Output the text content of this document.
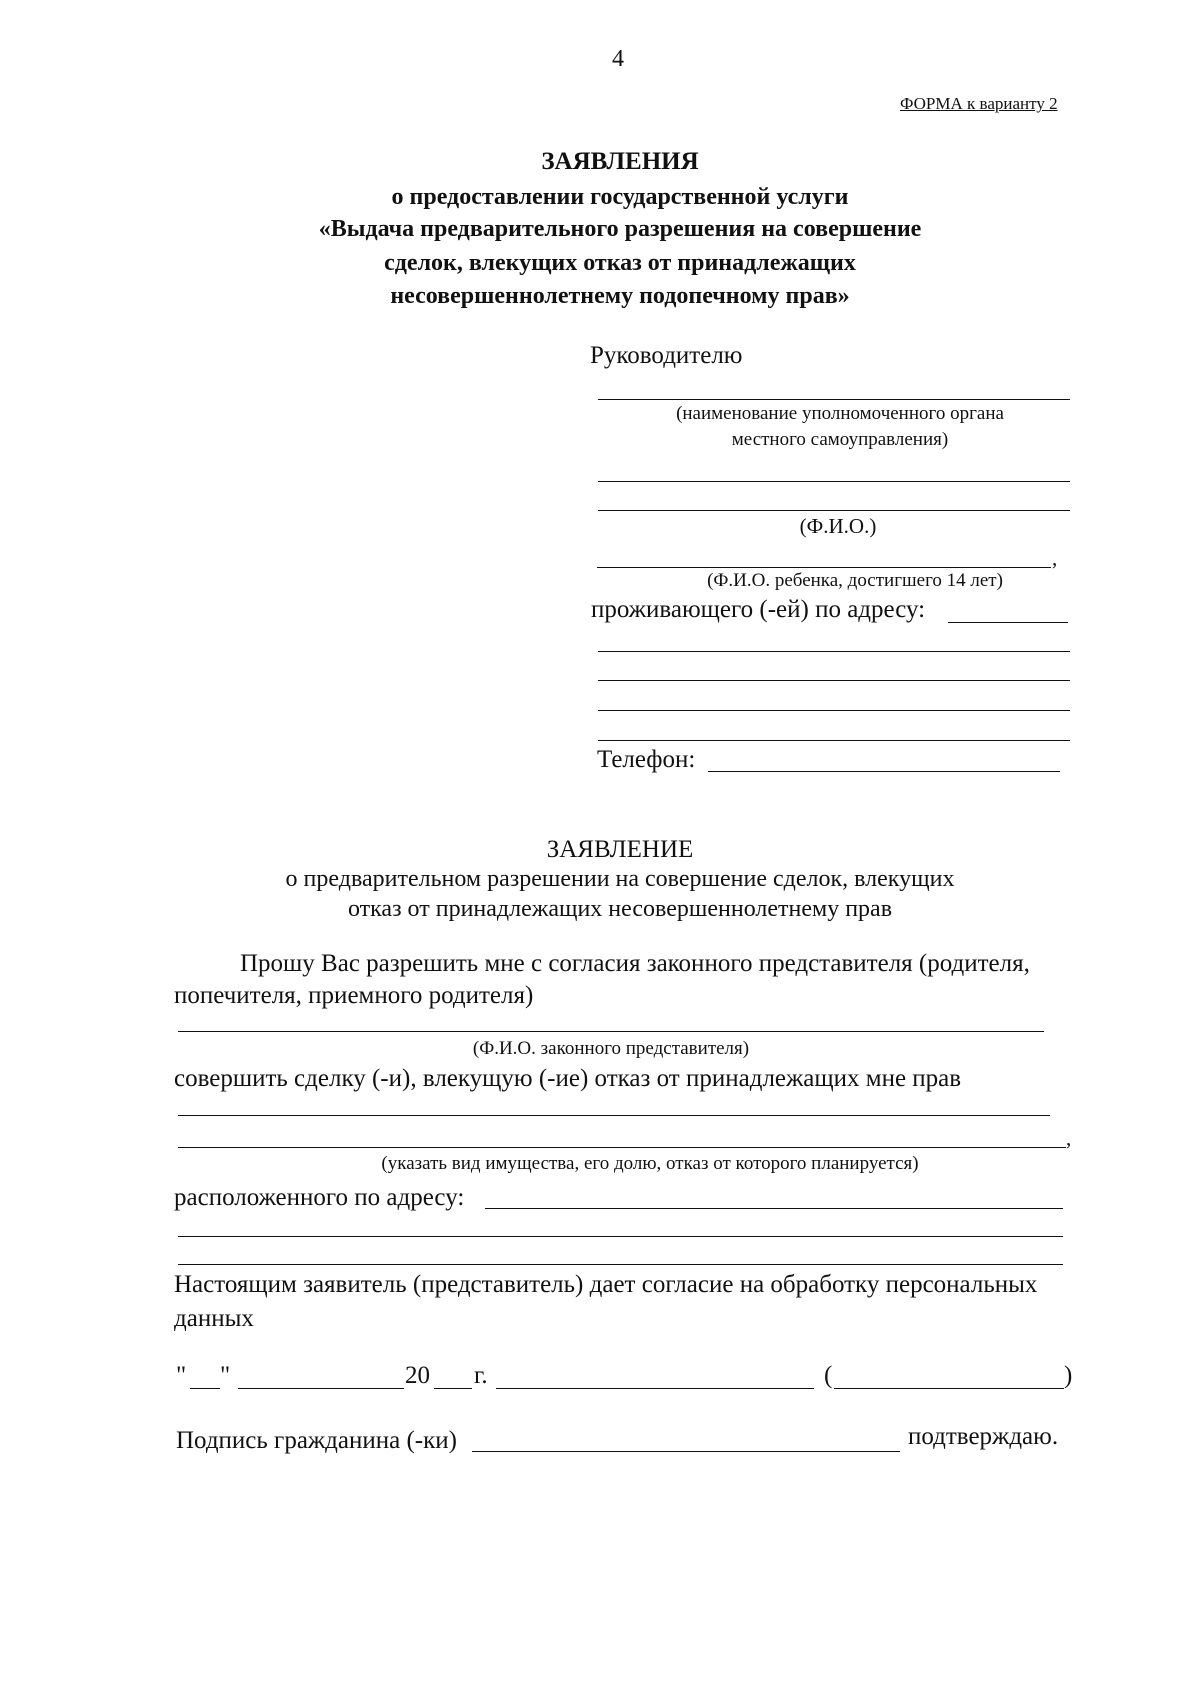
4
ФОРМА к варианту 2
ЗАЯВЛЕНИЯ
о предоставлении государственной услуги
«Выдача предварительного разрешения на совершение
сделок, влекущих отказ от принадлежащих
несовершеннолетнему подопечному прав»
Руководителю
(наименование уполномоченного органа
местного самоуправления)
(Ф.И.О.)
,
(Ф.И.О. ребенка, достигшего 14 лет)
проживающего (-ей) по адресу:
Телефон:
ЗАЯВЛЕНИЕ
о предварительном разрешении на совершение сделок, влекущих
отказ от принадлежащих несовершеннолетнему прав
Прошу Вас разрешить мне с согласия законного представителя (родителя,
попечителя, приемного родителя)
(Ф.И.О. законного представителя)
совершить сделку (-и), влекущую (-ие) отказ от принадлежащих мне прав
,
(указать вид имущества, его долю, отказ от которого планируется)
расположенного по адресу:
Настоящим заявитель (представитель) дает согласие на обработку персональных
данных
" "	20 г.	(	)
Подпись гражданина (-ки)	подтверждаю.
